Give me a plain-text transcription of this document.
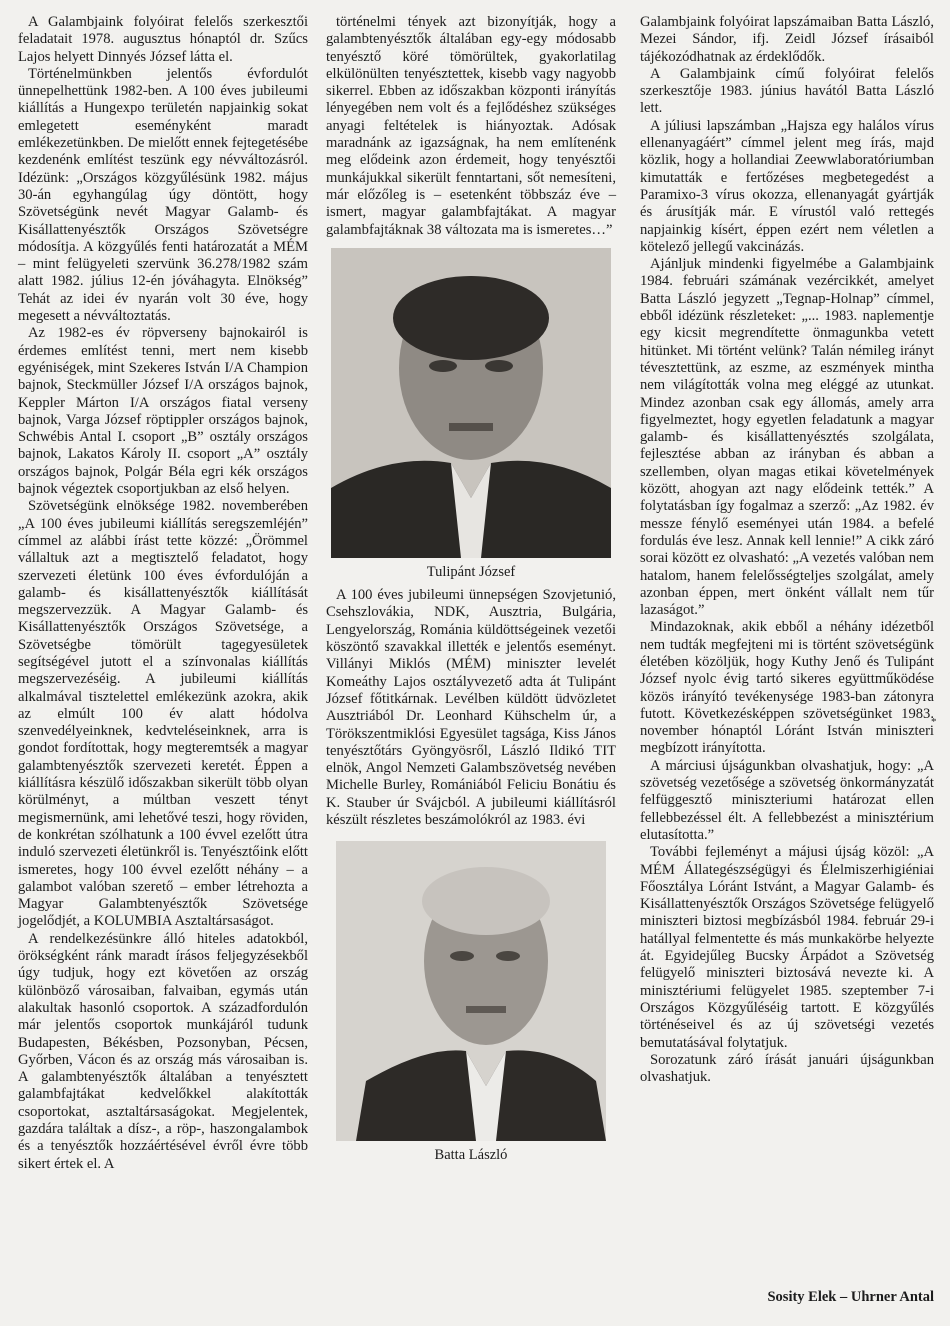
A Galambjaink folyóirat felelős szerkesztői feladatait 1978. augusztus hónaptól dr. Szűcs Lajos helyett Dinnyés József látta el.

Történelmünkben jelentős évfordulót ünnepelhettünk 1982-ben. A 100 éves jubileumi kiállítás a Hungexpo területén napjainkig sokat emlegetett eseményként maradt emlékezetünkben. De mielőtt ennek fejtegetésébe kezdenénk említést teszünk egy névváltozásról. Idézünk: „Országos közgyűlésünk 1982. május 30-án egyhangúlag úgy döntött, hogy Szövetségünk nevét Magyar Galamb- és Kisállattenyésztők Országos Szövetségre módosítja. A közgyűlés fenti határozatát a MÉM – mint felügyeleti szervünk 36.278/1982 szám alatt 1982. július 12-én jóváhagyta. Elnökség” Tehát az idei év nyarán volt 30 éve, hogy megesett a névváltoztatás.

Az 1982-es év röpverseny bajnokairól is érdemes említést tenni, mert nem kisebb egyéniségek, mint Szekeres István I/A Champion bajnok, Steckmüller József I/A országos bajnok, Keppler Márton I/A országos fiatal verseny bajnok, Varga József röptippler országos bajnok, Schwébis Antal I. csoport „B” osztály országos bajnok, Lakatos Károly II. csoport „A” osztály országos bajnok, Polgár Béla egri kék országos bajnok végeztek csoportjukban az első helyen.

Szövetségünk elnöksége 1982. novemberében „A 100 éves jubileumi kiállítás seregszemléjén” címmel az alábbi írást tette közzé: „Örömmel vállaltuk azt a megtisztelő feladatot, hogy szervezeti életünk 100 éves évfordulóján a galamb- és kisállattenyésztők kiállítását megszervezzük. A Magyar Galamb- és Kisállattenyésztők Országos Szövetsége, a Szövetségbe tömörült tagegyesületek segítségével jutott el a színvonalas kiállítás megszervezéséig. A jubileumi kiállítás alkalmával tisztelettel emlékezünk azokra, akik az elmúlt 100 év alatt hódolva szenvedélyeinknek, kedvteléseinknek, arra is gondot fordítottak, hogy megteremtsék a magyar galambtenyésztők szervezeti keretét. Éppen a kiállításra készülő időszakban sikerült több olyan körülményt, a múltban veszett tényt megismernünk, ami lehetővé teszi, hogy röviden, de konkrétan szólhatunk a 100 évvel ezelőtt útra induló szervezeti életünkről is. Tenyésztőink előtt ismeretes, hogy 100 évvel ezelőtt néhány – a galambot valóban szerető – ember létrehozta a Magyar Galambtenyésztők Szövetsége jogelődjét, a KOLUMBIA Asztaltársaságot.

A rendelkezésünkre álló hiteles adatokból, örökségként ránk maradt írásos feljegyzésekből úgy tudjuk, hogy ezt követően az ország különböző városaiban, falvaiban, egymás után alakultak hasonló csoportok. A századfordulón már jelentős csoportok munkájáról tudunk Budapesten, Békésben, Pozsonyban, Pécsen, Győrben, Vácon és az ország más városaiban is. A galambtenyésztők általában a tenyésztett galambfajtákat kedvelőkkel alakították csoportokat, asztaltársaságokat. Megjelentek, gazdára találtak a dísz-, a röp-, haszongalambok és a tenyésztők hozzáértésével évről évre több sikert értek el. A

történelmi tények azt bizonyítják, hogy a galambtenyésztők általában egy-egy módosabb tenyésztő köré tömörültek, gyakorlatilag elkülönülten tenyésztettek, kisebb vagy nagyobb sikerrel. Ebben az időszakban központi irányítás lényegében nem volt és a fejlődéshez szükséges anyagi feltételek is hiányoztak. Adósak maradnánk az igazságnak, ha nem említenénk meg elődeink azon érdemeit, hogy tenyésztői munkájukkal sikerült fenntartani, sőt nemesíteni, már előzőleg is – esetenként többszáz éve – ismert, magyar galambfajtákat. A magyar galambfajtáknak 38 változata ma is ismeretes…”

Tulipánt József

A 100 éves jubileumi ünnepségen Szovjetunió, Csehszlovákia, NDK, Ausztria, Bulgária, Lengyelország, Románia küldöttségeinek vezetői köszöntő szavakkal illették e jelentős eseményt. Villányi Miklós (MÉM) miniszter levelét Komeáthy Lajos osztályvezető adta át Tulipánt József főtitkárnak. Levélben küldött üdvözletet Ausztriából Dr. Leonhard Kühschelm úr, a Törökszentmiklósi Egyesület tagsága, Kiss János tenyésztőtárs Gyöngyösről, László Ildikó TIT elnök, Angol Nemzeti Galambszövetség nevében Michelle Burley, Romániából Feliciu Bonátiu és K. Stauber úr Svájcból. A jubileumi kiállításról készült részletes beszámolókról az 1983. évi

Batta László

Galambjaink folyóirat lapszámaiban Batta László, Mezei Sándor, ifj. Zeidl József írásaiból tájékozódhatnak az érdeklődők.

A Galambjaink című folyóirat felelős szerkesztője 1983. június havától Batta László lett.

A júliusi lapszámban „Hajsza egy halálos vírus ellenanyagáért” címmel jelent meg írás, majd közlik, hogy a hollandiai Zeewwlaboratóriumban kimutatták e fertőzéses megbetegedést a Paramixo-3 vírus okozza, ellenanyagát gyártják és árusítják már. E vírustól való rettegés napjainkig kísért, éppen ezért nem véletlen a kötelező jellegű vakcinázás.

Ajánljuk mindenki figyelmébe a Galambjaink 1984. februári számának vezércikkét, amelyet Batta László jegyzett „Tegnap-Holnap” címmel, ebből idézünk részleteket: „... 1983. naplementje egy kicsit megrendítette önmagunkba vetett hitünket. Mi történt velünk? Talán némileg irányt tévesztettünk, az eszme, az eszmények mintha nem világították volna meg eléggé az utunkat. Mindez azonban csak egy állomás, amely arra figyelmeztet, hogy egyetlen feladatunk a magyar galamb- és kisállattenyésztés szolgálata, fejlesztése abban az irányban és abban a szellemben, olyan magas etikai követelmények között, ahogyan azt nagy elődeink tették.” A folytatásban így fogalmaz a szerző: „Az 1982. év messze fénylő eseményei után 1984. a befelé fordulás éve lesz. Annak kell lennie!” A cikk záró sorai között ez olvasható: „A vezetés valóban nem hatalom, hanem felelősségteljes szolgálat, amely azonban éppen, mert önként vállalt nem tűr lazaságot.”

Mindazoknak, akik ebből a néhány idézetből nem tudták megfejteni mi is történt szövetségünk életében közöljük, hogy Kuthy Jenő és Tulipánt József nyolc évig tartó sikeres együttműködése közös irányító tevékenysége 1983-ban zátonyra futott. Következésképpen szövetségünket 1983. november hónaptól Lóránt István miniszteri megbízott irányította.

A márciusi újságunkban olvashatjuk, hogy: „A szövetség vezetősége a szövetség önkormányzatát felfüggesztő miniszteriumi határozat ellen fellebbezéssel élt. A fellebbezést a minisztérium elutasította.”

További fejleményt a májusi újság közöl: „A MÉM Állategészségügyi és Élelmiszerhigiéniai Főosztálya Lóránt Istvánt, a Magyar Galamb- és Kisállattenyésztők Országos Szövetsége felügyelő miniszteri biztosi megbízásból 1984. február 29-i hatállyal felmentette és más munkakörbe helyezte át. Egyidejűleg Bucsky Árpádot a Szövetség felügyelő miniszteri biztosává nevezte ki. A minisztériumi felügyelet 1985. szeptember 7-i Országos Közgyűléséig tartott. E közgyűlés történéseivel és az új szövetségi vezetés bemutatásával folytatjuk.

Sorozatunk záró írását januári újságunkban olvashatjuk.

*
Sosity Elek – Uhrner Antal
